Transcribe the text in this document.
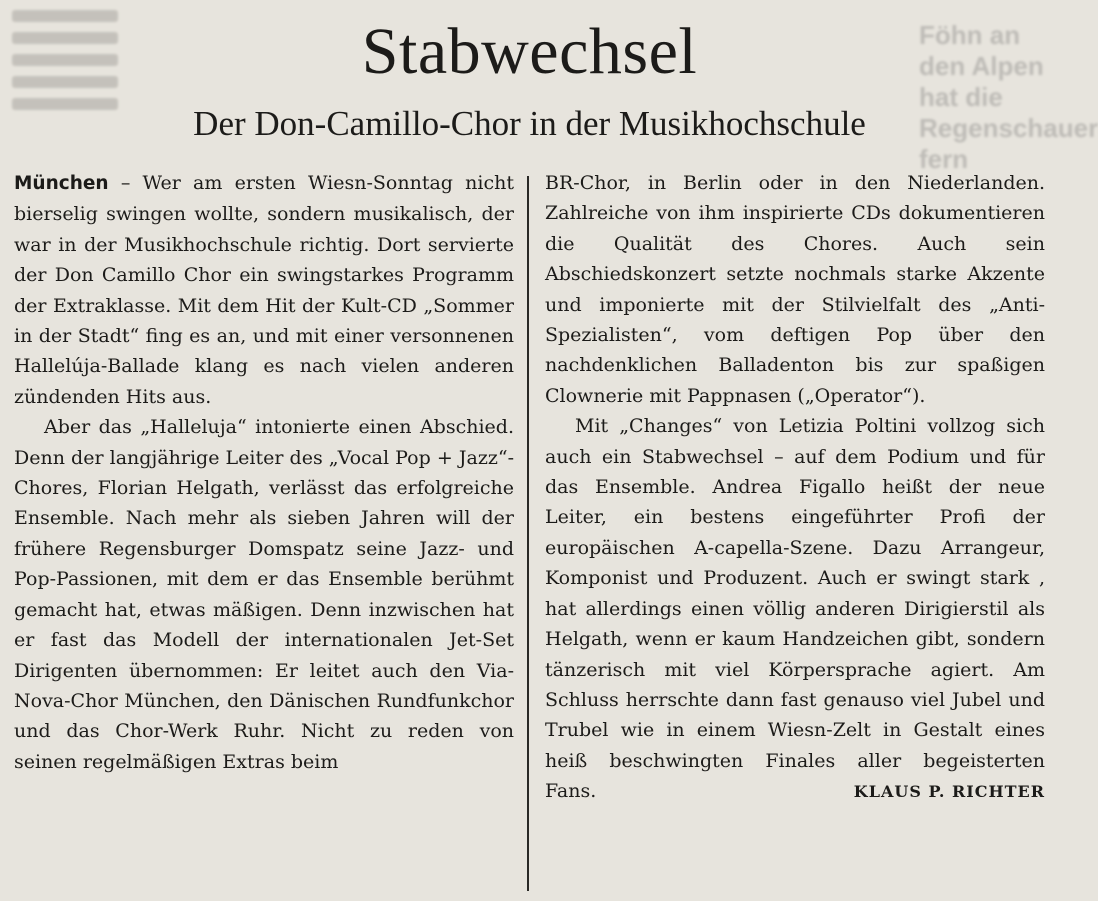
Föhn an den Alpen hat die Regenschauer fern
Stabwechsel
Der Don-Camillo-Chor in der Musikhochschule

München – Wer am ersten Wiesn-Sonntag nicht bierselig swingen wollte, sondern musikalisch, der war in der Musikhochschule richtig. Dort servierte der Don Camillo Chor ein swingstarkes Programm der Extraklasse. Mit dem Hit der Kult-CD „Sommer in der Stadt“ fing es an, und mit einer versonnenen Hallelúja-Ballade klang es nach vielen anderen zündenden Hits aus.

Aber das „Halleluja“ intonierte einen Abschied. Denn der langjährige Leiter des „Vocal Pop + Jazz“-Chores, Florian Helgath, verlässt das erfolgreiche Ensemble. Nach mehr als sieben Jahren will der frühere Regensburger Domspatz seine Jazz- und Pop-Passionen, mit dem er das Ensemble berühmt gemacht hat, etwas mäßigen. Denn inzwischen hat er fast das Modell der internationalen Jet-Set Dirigenten übernommen: Er leitet auch den Via-Nova-Chor München, den Dänischen Rundfunkchor und das Chor-Werk Ruhr. Nicht zu reden von seinen regelmäßigen Extras beim

BR-Chor, in Berlin oder in den Niederlanden. Zahlreiche von ihm inspirierte CDs dokumentieren die Qualität des Chores. Auch sein Abschiedskonzert setzte nochmals starke Akzente und imponierte mit der Stilvielfalt des „Anti-Spezialisten“, vom deftigen Pop über den nachdenklichen Balladenton bis zur spaßigen Clownerie mit Pappnasen („Operator“).

Mit „Changes“ von Letizia Poltini vollzog sich auch ein Stabwechsel – auf dem Podium und für das Ensemble. Andrea Figallo heißt der neue Leiter, ein bestens eingeführter Profi der europäischen A-capella-Szene. Dazu Arrangeur, Komponist und Produzent. Auch er swingt stark , hat allerdings einen völlig anderen Dirigierstil als Helgath, wenn er kaum Handzeichen gibt, sondern tänzerisch mit viel Körpersprache agiert. Am Schluss herrschte dann fast genauso viel Jubel und Trubel wie in einem Wiesn-Zelt in Gestalt eines heiß beschwingten Finales aller begeisterten

Fans.	KLAUS P. RICHTER
